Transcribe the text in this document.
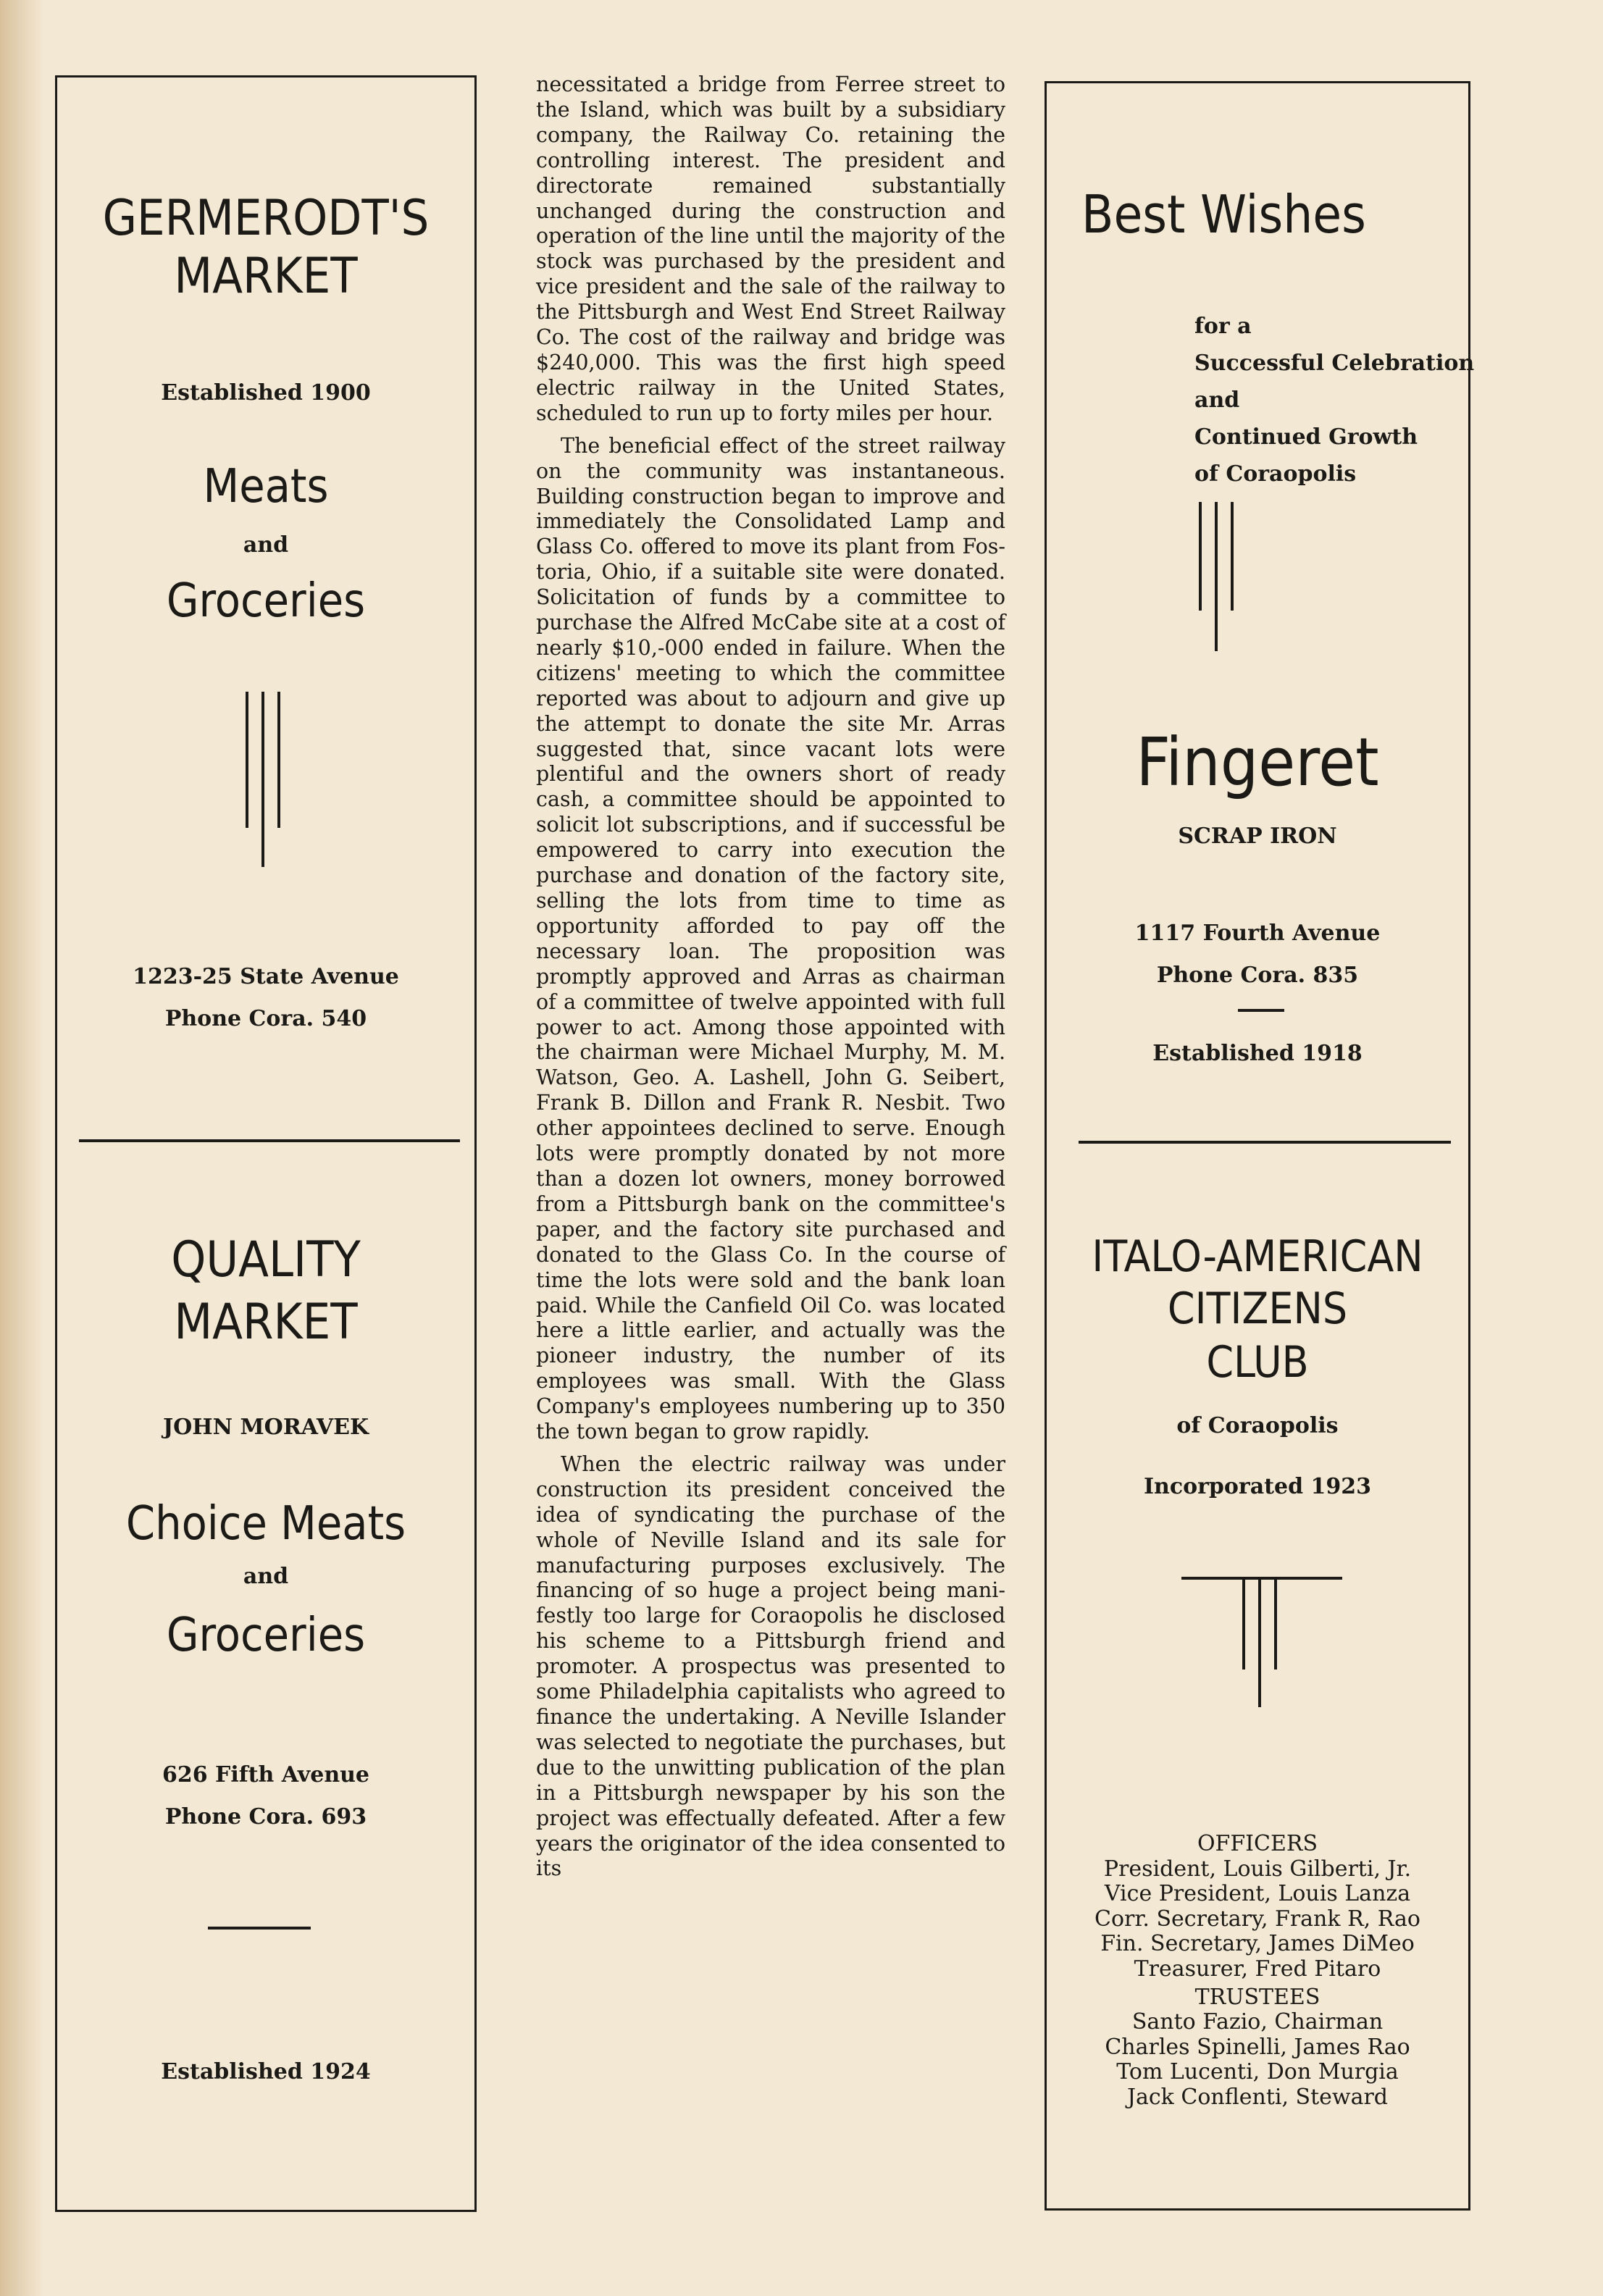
GERMERODT'S
MARKET
Established 1900
Meats
and
Groceries
1223-25 State Avenue
Phone Cora. 540
QUALITY
MARKET
JOHN MORAVEK
Choice Meats
and
Groceries
626 Fifth Avenue
Phone Cora. 693
Established 1924

necessitated a bridge from Ferree street to the Island, which was built by a subsidiary company, the Railway Co. retaining the controlling interest. The president and directorate remained substantially unchanged during the construction and operation of the line until the majority of the stock was purchased by the president and vice president and the sale of the railway to the Pittsburgh and West End Street Railway Co. The cost of the railway and bridge was $240,000. This was the first high speed electric railway in the United States, scheduled to run up to forty miles per hour.

The beneficial effect of the street railway on the community was instantaneous. Building construction began to improve and immediately the Consolidated Lamp and Glass Co. offered to move its plant from Fostoria, Ohio, if a suitable site were donated. Solicitation of funds by a committee to purchase the Alfred McCabe site at a cost of nearly $10,-000 ended in failure. When the citizens' meeting to which the committee reported was about to adjourn and give up the attempt to donate the site Mr. Arras suggested that, since vacant lots were plentiful and the owners short of ready cash, a committee should be appointed to solicit lot subscriptions, and if successful be empowered to carry into execution the purchase and donation of the factory site, selling the lots from time to time as opportunity afforded to pay off the necessary loan. The proposition was promptly approved and Arras as chairman of a committee of twelve appointed with full power to act. Among those appointed with the chairman were Michael Murphy, M. M. Watson, Geo. A. Lashell, John G. Seibert, Frank B. Dillon and Frank R. Nesbit. Two other appointees declined to serve. Enough lots were promptly donated by not more than a dozen lot owners, money borrowed from a Pittsburgh bank on the committee's paper, and the factory site purchased and donated to the Glass Co. In the course of time the lots were sold and the bank loan paid. While the Canfield Oil Co. was located here a little earlier, and actually was the pioneer industry, the number of its employees was small. With the Glass Company's employees numbering up to 350 the town began to grow rapidly.

When the electric railway was under construction its president conceived the idea of syndicating the purchase of the whole of Neville Island and its sale for manufacturing purposes exclusively. The financing of so huge a project being manifestly too large for Coraopolis he disclosed his scheme to a Pittsburgh friend and promoter. A prospectus was presented to some Philadelphia capitalists who agreed to finance the undertaking. A Neville Islander was selected to negotiate the purchases, but due to the unwitting publication of the plan in a Pittsburgh newspaper by his son the project was effectually defeated. After a few years the originator of the idea consented to its

Best Wishes
for a
Successful Celebration
and
Continued Growth
of Coraopolis
Fingeret
SCRAP IRON
1117 Fourth Avenue
Phone Cora. 835
Established 1918
ITALO-AMERICAN
CITIZENS
CLUB
of Coraopolis
Incorporated 1923
OFFICERS
President, Louis Gilberti, Jr.
Vice President, Louis Lanza
Corr. Secretary, Frank R, Rao
Fin. Secretary, James DiMeo
Treasurer, Fred Pitaro
TRUSTEES
Santo Fazio, Chairman
Charles Spinelli, James Rao
Tom Lucenti, Don Murgia
Jack Conflenti, Steward
